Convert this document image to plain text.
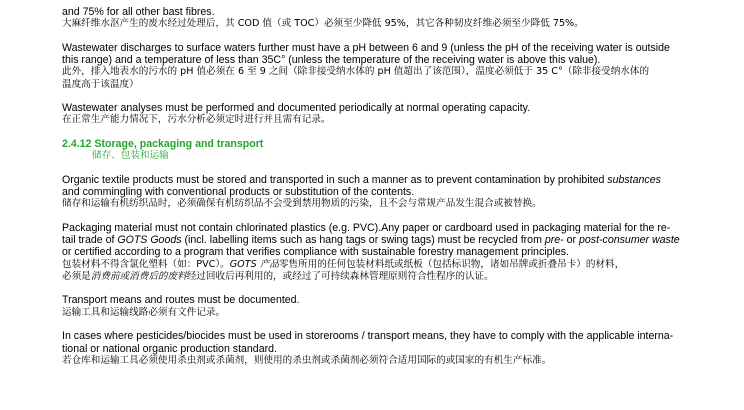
and 75% for all other bast fibres.
大麻纤维水沤产生的废水经过处理后，其 COD 值（或 TOC）必须至少降低 95%，其它各种韧皮纤维必须至少降低 75%。
Wastewater discharges to surface waters further must have a pH between 6 and 9 (unless the pH of the receiving water is outside
this range) and a temperature of less than 35C° (unless the temperature of the receiving water is above this value).
此外，排入地表水的污水的 pH 值必须在 6 至 9 之间（除非接受纳水体的 pH 值超出了该范围），温度必须低于 35 C°（除非接受纳水体的
温度高于该温度）
Wastewater analyses must be performed and documented periodically at normal operating capacity.
在正常生产能力情况下，污水分析必须定时进行并且需有记录。
2.4.12 Storage, packaging and transport
储存、包装和运输
Organic textile products must be stored and transported in such a manner as to prevent contamination by prohibited substances
and commingling with conventional products or substitution of the contents.
储存和运输有机纺织品时，必须确保有机纺织品不会受到禁用物质的污染，且不会与常规产品发生混合或被替换。
Packaging material must not contain chlorinated plastics (e.g. PVC).Any paper or cardboard used in packaging material for the re-
tail trade of GOTS Goods (incl. labelling items such as hang tags or swing tags) must be recycled from pre- or post-consumer waste
or certified according to a program that verifies compliance with sustainable forestry management principles.
包装材料不得含氯化塑料（如：PVC）。GOTS 产品零售所用的任何包装材料纸或纸板（包括标识物，诸如吊牌或折叠吊卡）的材料，
必须是消费前或消费后的废料经过回收后再利用的，或经过了可持续森林管理原则符合性程序的认证。
Transport means and routes must be documented.
运输工具和运输线路必须有文件记录。
In cases where pesticides/biocides must be used in storerooms / transport means, they have to comply with the applicable interna-
tional or national organic production standard.
若仓库和运输工具必须使用杀虫剂或杀菌剂，则使用的杀虫剂或杀菌剂必须符合适用国际的或国家的有机生产标准。
